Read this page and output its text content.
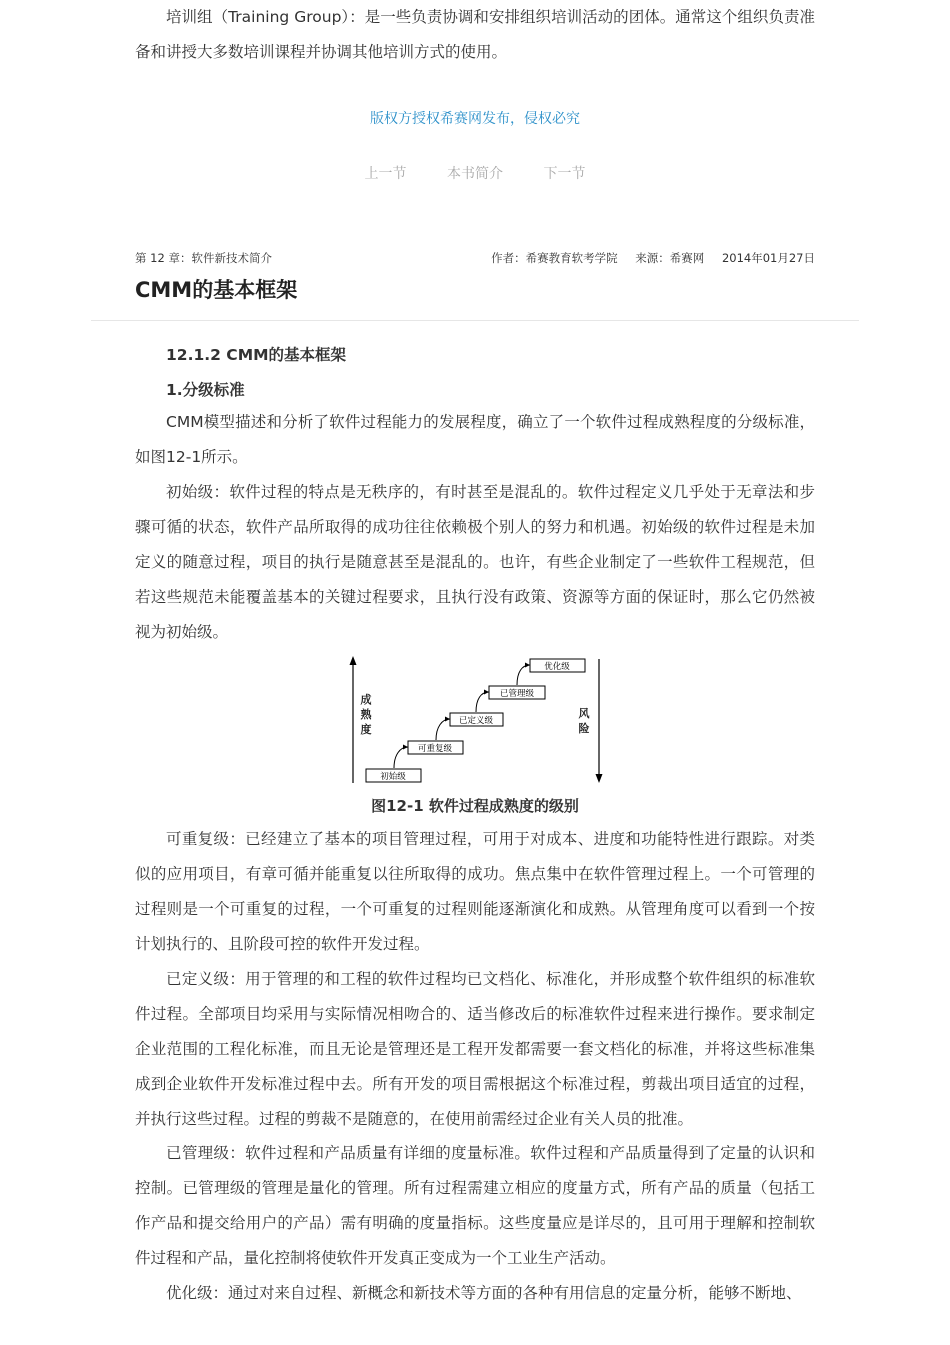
培训组（Training Group）：是一些负责协调和安排组织培训活动的团体。通常这个组织负责准备和讲授大多数培训课程并协调其他培训方式的使用。

版权方授权希赛网发布，侵权必究
上一节	本书简介	下一节
第 12 章：软件新技术简介	作者：希赛教育软考学院 来源：希赛网 2014年01月27日
CMM的基本框架
12.1.2 CMM的基本框架
1.分级标准

CMM模型描述和分析了软件过程能力的发展程度，确立了一个软件过程成熟程度的分级标准，如图12-1所示。

初始级：软件过程的特点是无秩序的，有时甚至是混乱的。软件过程定义几乎处于无章法和步骤可循的状态，软件产品所取得的成功往往依赖极个别人的努力和机遇。初始级的软件过程是未加定义的随意过程，项目的执行是随意甚至是混乱的。也许，有些企业制定了一些软件工程规范，但若这些规范未能覆盖基本的关键过程要求，且执行没有政策、资源等方面的保证时，那么它仍然被视为初始级。

成
熟
度
风
险
初始级
可重复级
已定义级
已管理级
优化级
图12-1 软件过程成熟度的级别

可重复级：已经建立了基本的项目管理过程，可用于对成本、进度和功能特性进行跟踪。对类似的应用项目，有章可循并能重复以往所取得的成功。焦点集中在软件管理过程上。一个可管理的过程则是一个可重复的过程，一个可重复的过程则能逐渐演化和成熟。从管理角度可以看到一个按计划执行的、且阶段可控的软件开发过程。

已定义级：用于管理的和工程的软件过程均已文档化、标准化，并形成整个软件组织的标准软件过程。全部项目均采用与实际情况相吻合的、适当修改后的标准软件过程来进行操作。要求制定企业范围的工程化标准，而且无论是管理还是工程开发都需要一套文档化的标准，并将这些标准集成到企业软件开发标准过程中去。所有开发的项目需根据这个标准过程，剪裁出项目适宜的过程，并执行这些过程。过程的剪裁不是随意的，在使用前需经过企业有关人员的批准。

已管理级：软件过程和产品质量有详细的度量标准。软件过程和产品质量得到了定量的认识和控制。已管理级的管理是量化的管理。所有过程需建立相应的度量方式，所有产品的质量（包括工作产品和提交给用户的产品）需有明确的度量指标。这些度量应是详尽的，且可用于理解和控制软件过程和产品，量化控制将使软件开发真正变成为一个工业生产活动。

优化级：通过对来自过程、新概念和新技术等方面的各种有用信息的定量分析，能够不断地、
